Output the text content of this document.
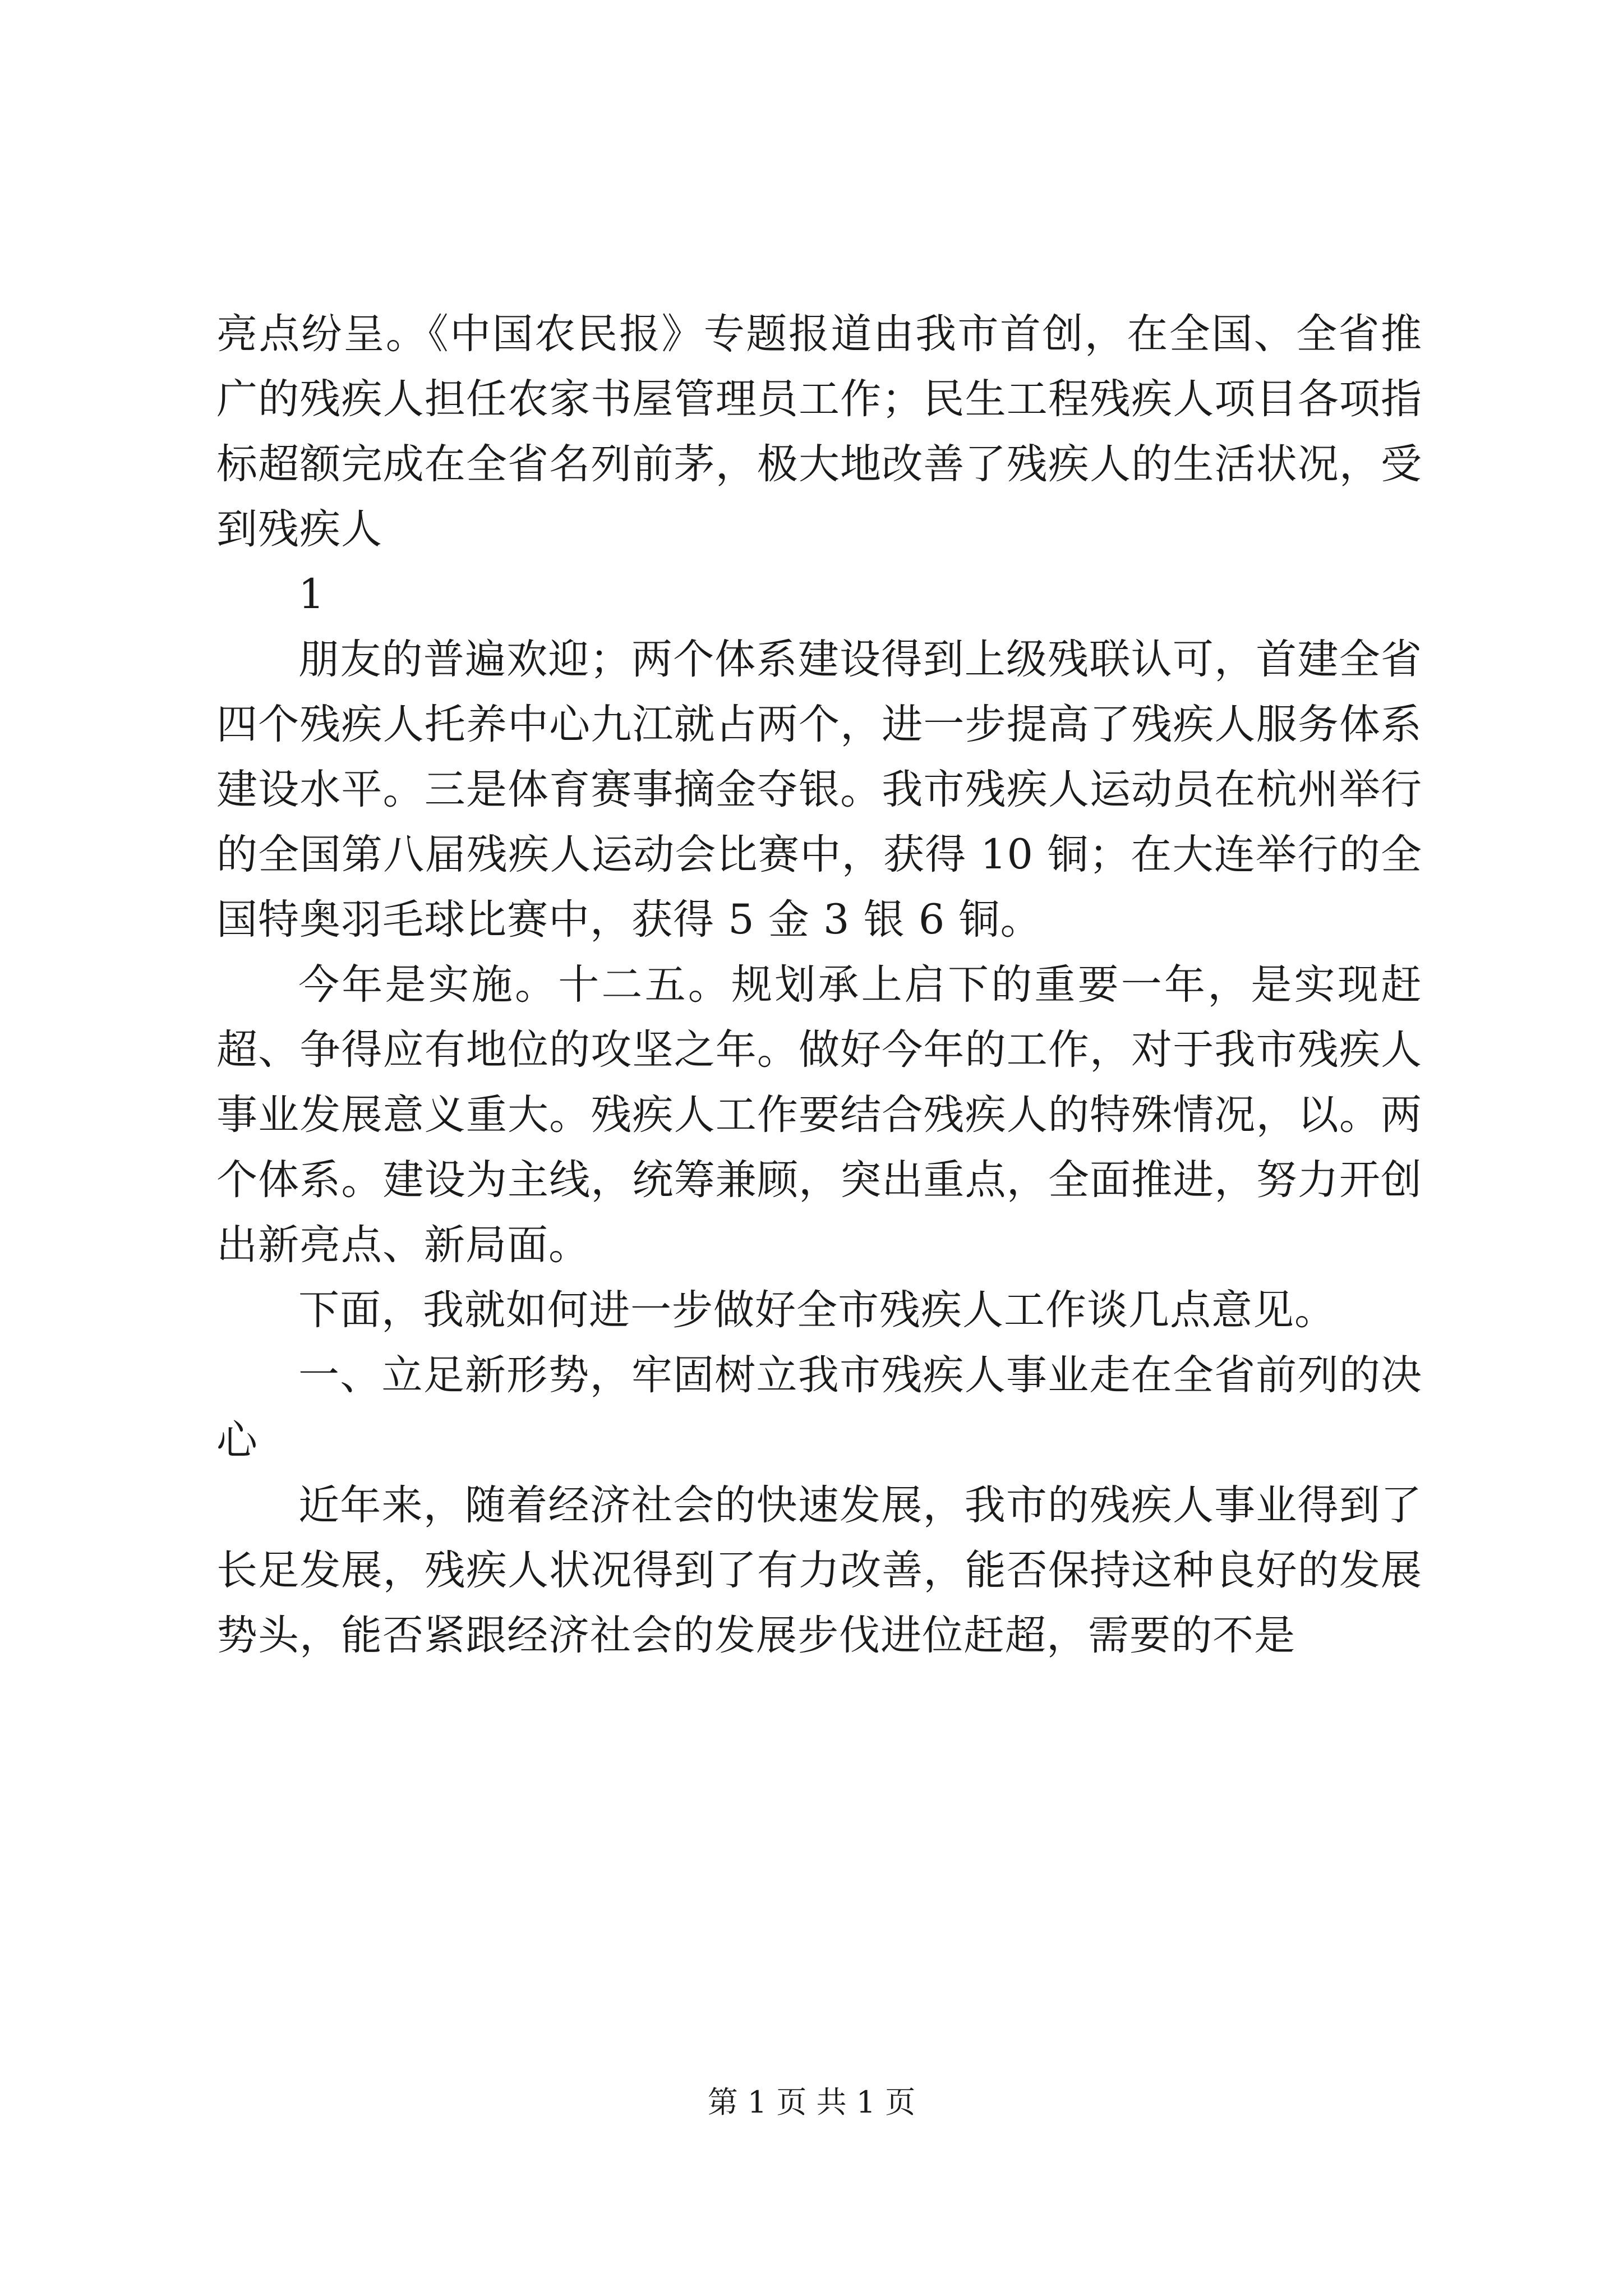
亮点纷呈。《中国农民报》专题报道由我市首创，在全国、全省推广的残疾人担任农家书屋管理员工作；民生工程残疾人项目各项指标超额完成在全省名列前茅，极大地改善了残疾人的生活状况，受到残疾人

1

朋友的普遍欢迎；两个体系建设得到上级残联认可，首建全省四个残疾人托养中心九江就占两个，进一步提高了残疾人服务体系建设水平。三是体育赛事摘金夺银。我市残疾人运动员在杭州举行的全国第八届残疾人运动会比赛中，获得 10 铜；在大连举行的全国特奥羽毛球比赛中，获得 5 金 3 银 6 铜。

今年是实施。十二五。规划承上启下的重要一年，是实现赶超、争得应有地位的攻坚之年。做好今年的工作，对于我市残疾人事业发展意义重大。残疾人工作要结合残疾人的特殊情况，以。两个体系。建设为主线，统筹兼顾，突出重点，全面推进，努力开创出新亮点、新局面。

下面，我就如何进一步做好全市残疾人工作谈几点意见。

一、立足新形势，牢固树立我市残疾人事业走在全省前列的决心

近年来，随着经济社会的快速发展，我市的残疾人事业得到了长足发展，残疾人状况得到了有力改善，能否保持这种良好的发展势头，能否紧跟经济社会的发展步伐进位赶超，需要的不是

第 1 页 共 1 页
